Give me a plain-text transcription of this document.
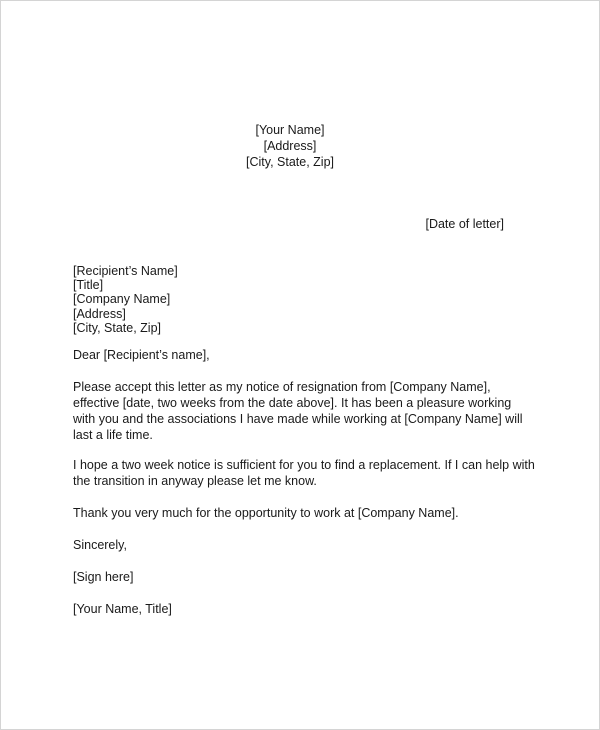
[Your Name]
[Address]
[City, State, Zip]
[Date of letter]
[Recipient’s Name]
[Title]
[Company Name]
[Address]
[City, State, Zip]
Dear [Recipient’s name],
Please accept this letter as my notice of resignation from [Company Name],
effective [date, two weeks from the date above]. It has been a pleasure working
with you and the associations I have made while working at [Company Name] will
last a life time.
I hope a two week notice is sufficient for you to find a replacement. If I can help with
the transition in anyway please let me know.
Thank you very much for the opportunity to work at [Company Name].
Sincerely,
[Sign here]
[Your Name, Title]
